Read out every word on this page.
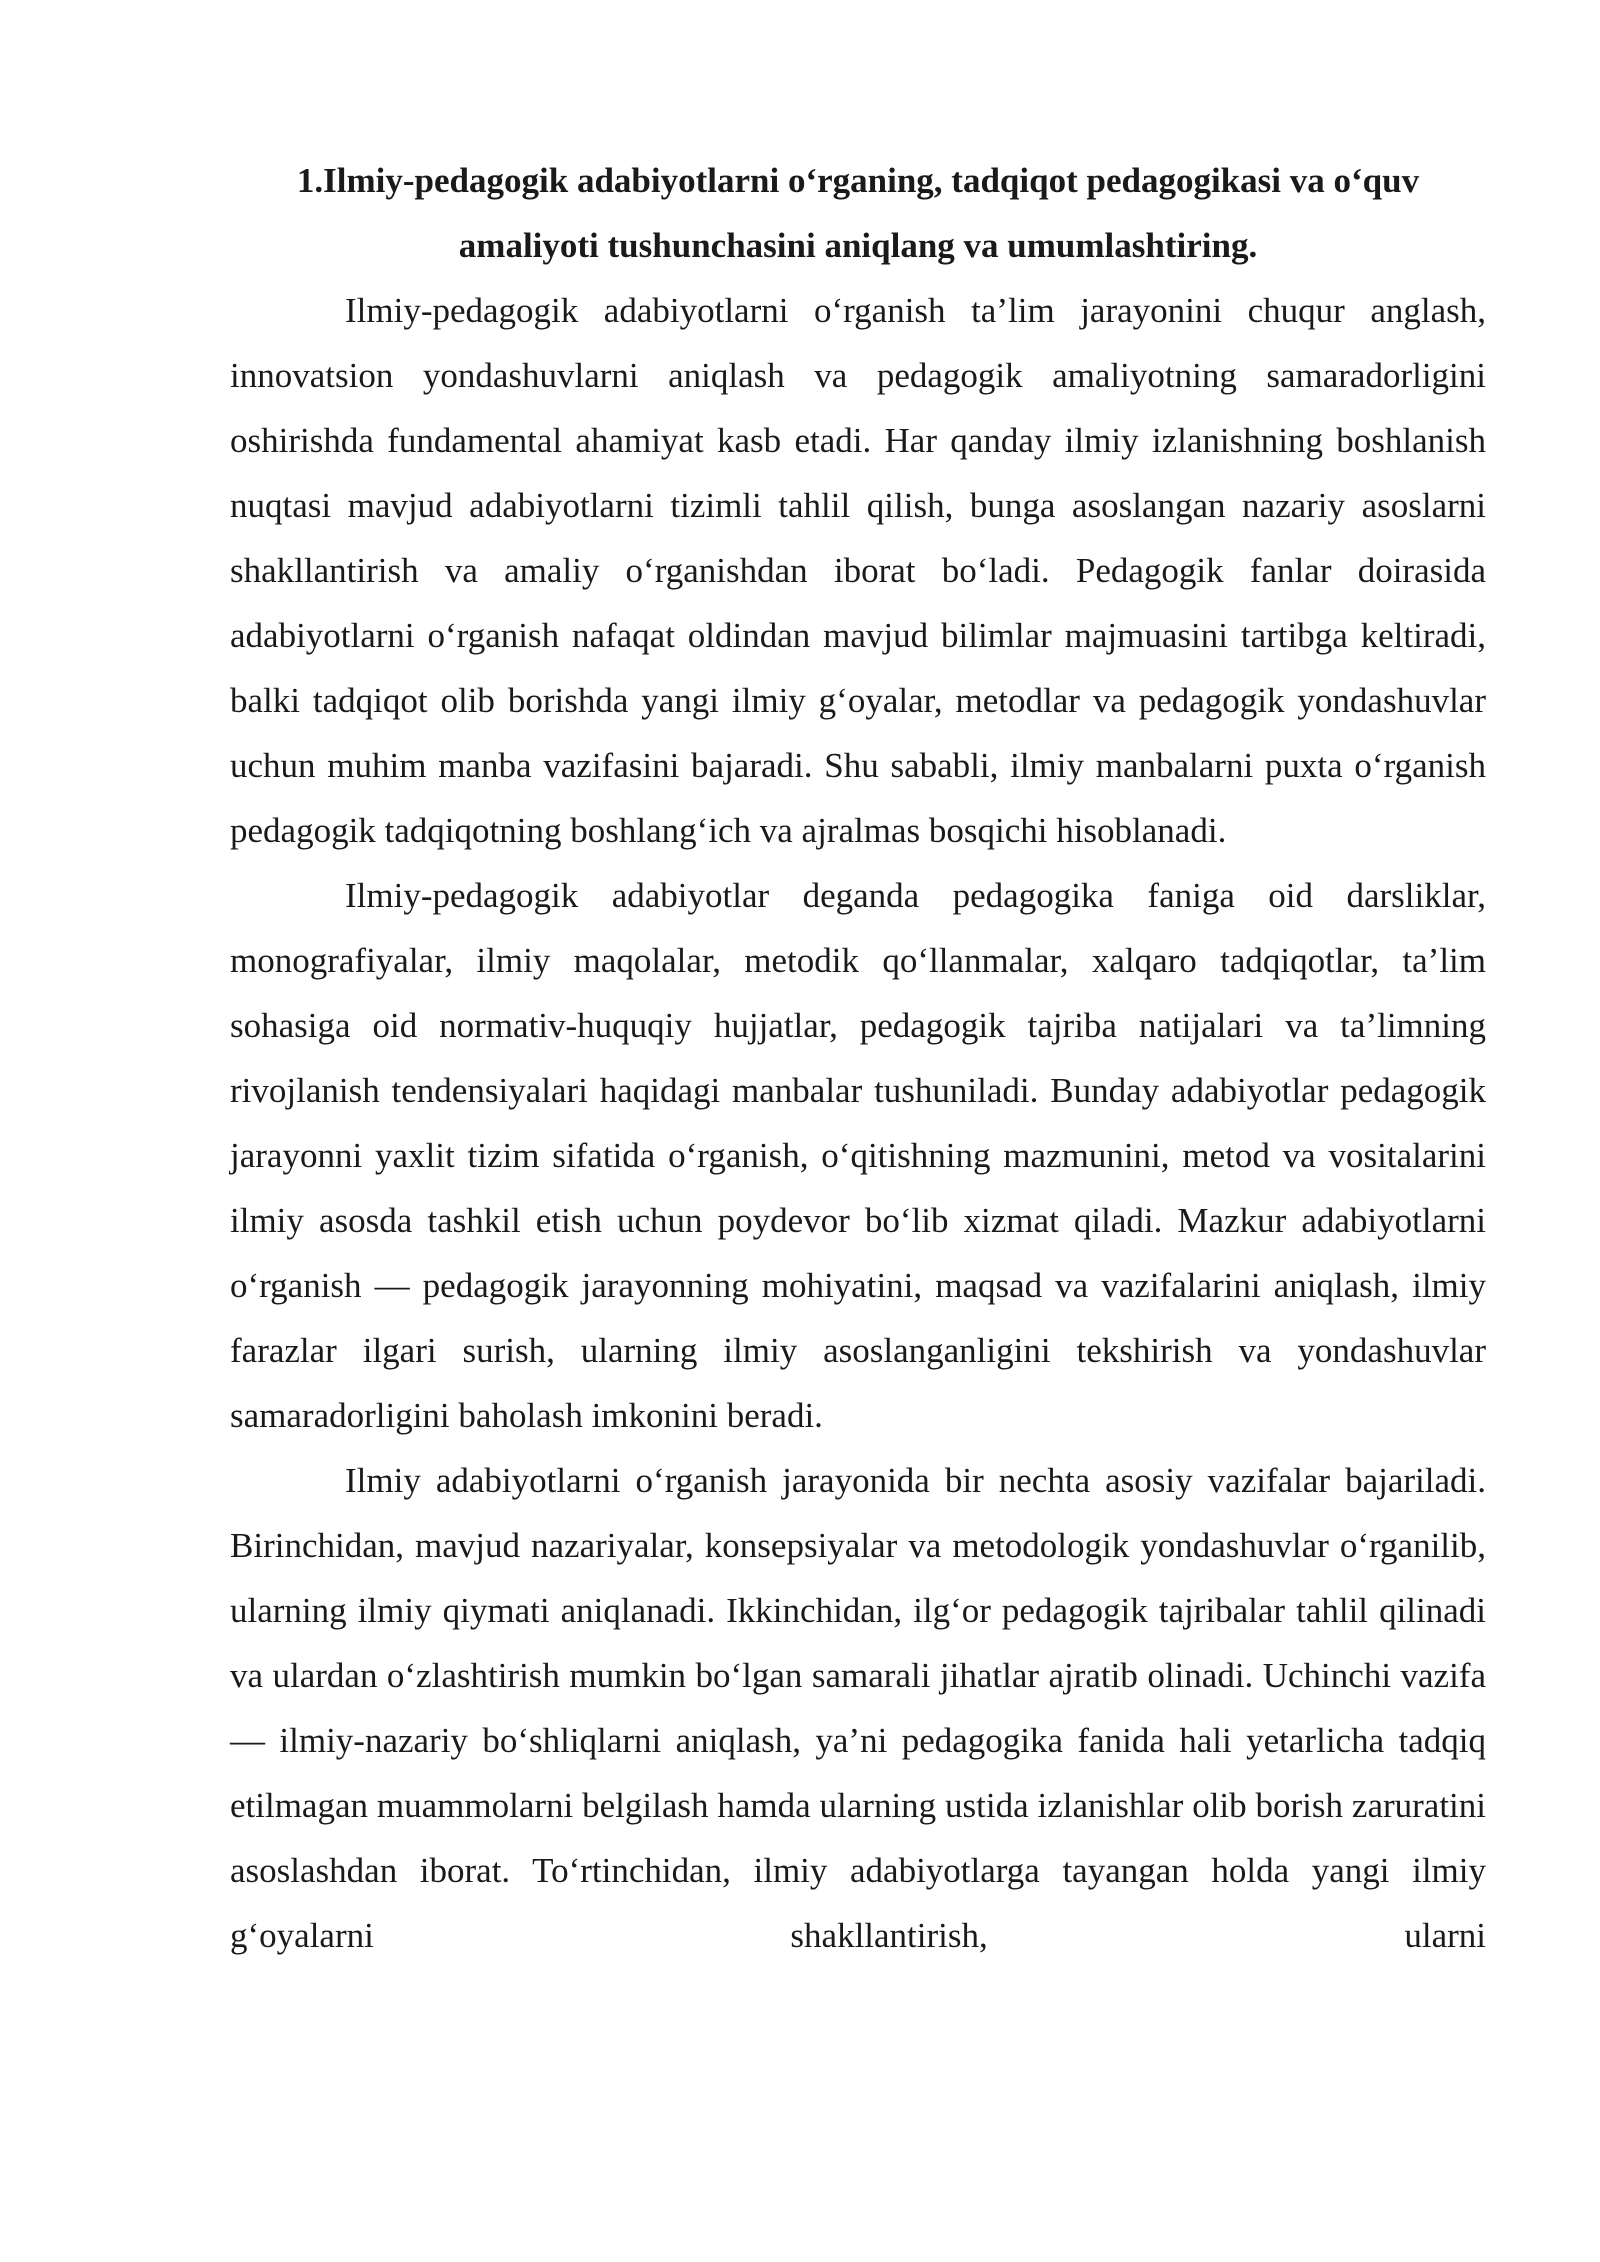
1.Ilmiy-pedagogik adabiyotlarni o‘rganing, tadqiqot pedagogikasi va o‘quv amaliyoti tushunchasini aniqlang va umumlashtiring.

Ilmiy-pedagogik adabiyotlarni o‘rganish ta’lim jarayonini chuqur anglash, innovatsion yondashuvlarni aniqlash va pedagogik amaliyotning samaradorligini oshirishda fundamental ahamiyat kasb etadi. Har qanday ilmiy izlanishning boshlanish nuqtasi mavjud adabiyotlarni tizimli tahlil qilish, bunga asoslangan nazariy asoslarni shakllantirish va amaliy o‘rganishdan iborat bo‘ladi. Pedagogik fanlar doirasida adabiyotlarni o‘rganish nafaqat oldindan mavjud bilimlar majmuasini tartibga keltiradi, balki tadqiqot olib borishda yangi ilmiy g‘oyalar, metodlar va pedagogik yondashuvlar uchun muhim manba vazifasini bajaradi. Shu sababli, ilmiy manbalarni puxta o‘rganish pedagogik tadqiqotning boshlang‘ich va ajralmas bosqichi hisoblanadi.

Ilmiy-pedagogik adabiyotlar deganda pedagogika faniga oid darsliklar, monografiyalar, ilmiy maqolalar, metodik qo‘llanmalar, xalqaro tadqiqotlar, ta’lim sohasiga oid normativ-huquqiy hujjatlar, pedagogik tajriba natijalari va ta’limning rivojlanish tendensiyalari haqidagi manbalar tushuniladi. Bunday adabiyotlar pedagogik jarayonni yaxlit tizim sifatida o‘rganish, o‘qitishning mazmunini, metod va vositalarini ilmiy asosda tashkil etish uchun poydevor bo‘lib xizmat qiladi. Mazkur adabiyotlarni o‘rganish — pedagogik jarayonning mohiyatini, maqsad va vazifalarini aniqlash, ilmiy farazlar ilgari surish, ularning ilmiy asoslanganligini tekshirish va yondashuvlar samaradorligini baholash imkonini beradi.

Ilmiy adabiyotlarni o‘rganish jarayonida bir nechta asosiy vazifalar bajariladi. Birinchidan, mavjud nazariyalar, konsepsiyalar va metodologik yondashuvlar o‘rganilib, ularning ilmiy qiymati aniqlanadi. Ikkinchidan, ilg‘or pedagogik tajribalar tahlil qilinadi va ulardan o‘zlashtirish mumkin bo‘lgan samarali jihatlar ajratib olinadi. Uchinchi vazifa — ilmiy-nazariy bo‘shliqlarni aniqlash, ya’ni pedagogika fanida hali yetarlicha tadqiq etilmagan muammolarni belgilash hamda ularning ustida izlanishlar olib borish zaruratini asoslashdan iborat. To‘rtinchidan, ilmiy adabiyotlarga tayangan holda yangi ilmiy g‘oyalarni shakllantirish, ularni
